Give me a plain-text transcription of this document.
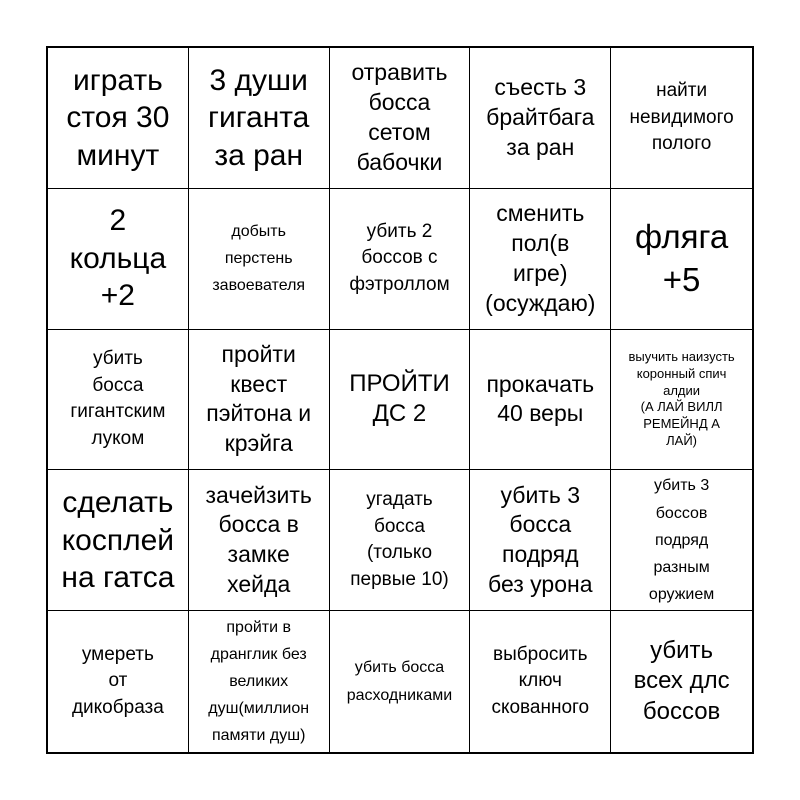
играть
стоя 30
минут
3 души
гиганта
за ран
отравить
босса
сетом
бабочки
съесть 3
брайтбага
за ран
найти
невидимого
полого
2
кольца
+2
добыть
перстень
завоевателя
убить 2
боссов с
фэтроллом
сменить
пол(в
игре)
(осуждаю)
фляга
+5
убить
босса
гигантским
луком
пройти
квест
пэйтона и
крэйга
ПРОЙТИ
ДС 2
прокачать
40 веры
выучить наизусть
коронный спич
алдии
(А ЛАЙ ВИЛЛ
РЕМЕЙНД А
ЛАЙ)
сделать
косплей
на гатса
зачейзить
босса в
замке
хейда
угадать
босса
(только
первые 10)
убить 3
босса
подряд
без урона
убить 3
боссов
подряд
разным
оружием
умереть
от
дикобраза
пройти в
дранглик без
великих
душ(миллион
памяти душ)
убить босса
расходниками
выбросить
ключ
скованного
убить
всех длс
боссов
